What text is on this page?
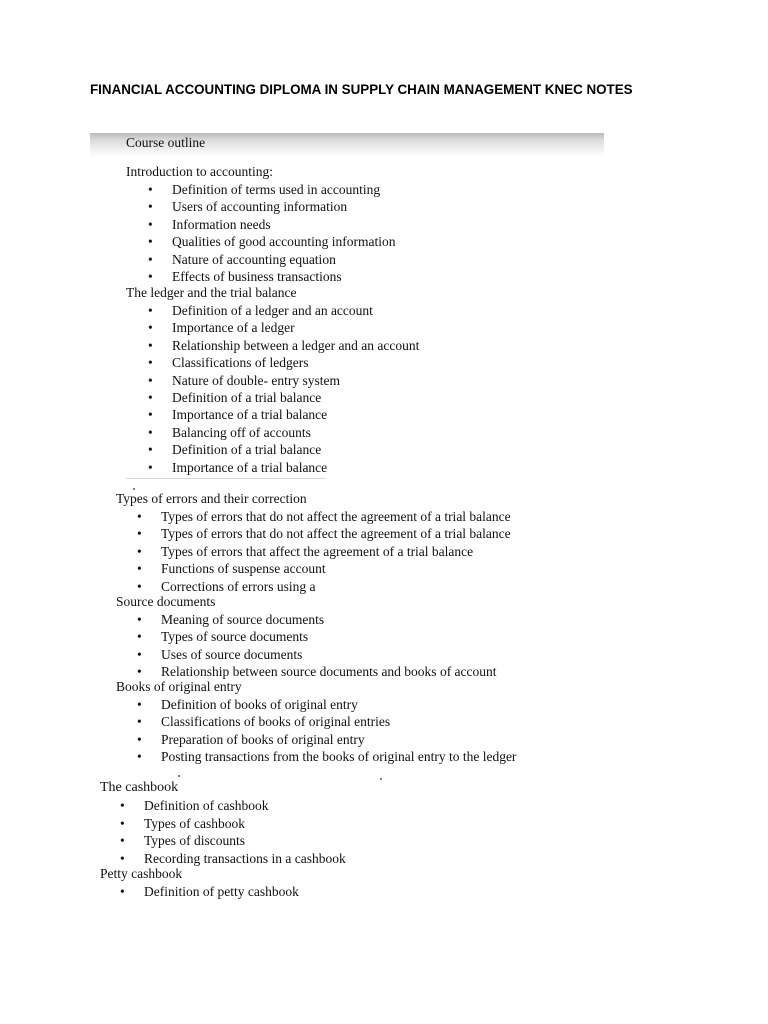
FINANCIAL ACCOUNTING DIPLOMA IN SUPPLY CHAIN MANAGEMENT KNEC NOTES
Course outline
Introduction to accounting:
• Definition of terms used in accounting
• Users of accounting information
• Information needs
• Qualities of good accounting information
• Nature of accounting equation
• Effects of business transactions
The ledger and the trial balance
• Definition of a ledger and an account
• Importance of a ledger
• Relationship between a ledger and an account
• Classifications of ledgers
• Nature of double- entry system
• Definition of a trial balance
• Importance of a trial balance
• Balancing off of accounts
• Definition of a trial balance
• Importance of a trial balance
Types of errors and their correction
• Types of errors that do not affect the agreement of a trial balance
• Types of errors that do not affect the agreement of a trial balance
• Types of errors that affect the agreement of a trial balance
• Functions of suspense account
• Corrections of errors using a
Source documents
• Meaning of source documents
• Types of source documents
• Uses of source documents
• Relationship between source documents and books of account
Books of original entry
• Definition of books of original entry
• Classifications of books of original entries
• Preparation of books of original entry
• Posting transactions from the books of original entry to the ledger
The cashbook
• Definition of cashbook
• Types of cashbook
• Types of discounts
• Recording transactions in a cashbook
Petty cashbook
• Definition of petty cashbook
